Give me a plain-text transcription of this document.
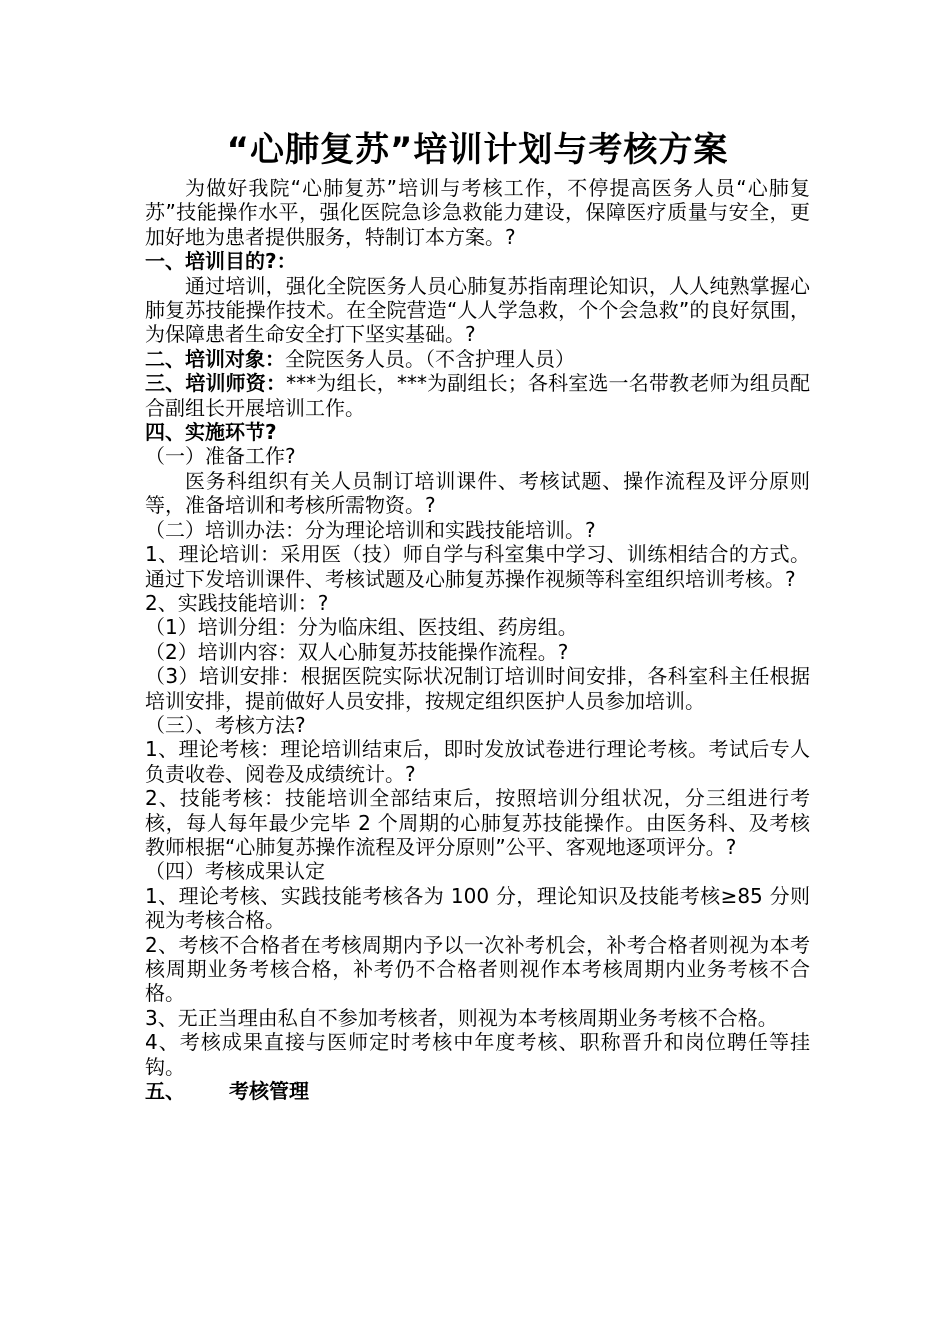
“心肺复苏”培训计划与考核方案

为做好我院“心肺复苏”培训与考核工作，不停提高医务人员“心肺复苏”技能操作水平，强化医院急诊急救能力建设，保障医疗质量与安全，更加好地为患者提供服务，特制订本方案。?

一、培训目的?：

通过培训，强化全院医务人员心肺复苏指南理论知识，人人纯熟掌握心肺复苏技能操作技术。在全院营造“人人学急救，个个会急救”的良好氛围，为保障患者生命安全打下坚实基础。?

二、培训对象：全院医务人员。（不含护理人员）

三、培训师资：***为组长，***为副组长；各科室选一名带教老师为组员配合副组长开展培训工作。

四、实施环节?

（一）准备工作?

医务科组织有关人员制订培训课件、考核试题、操作流程及评分原则等，准备培训和考核所需物资。?

（二）培训办法：分为理论培训和实践技能培训。?

1、理论培训：采用医（技）师自学与科室集中学习、训练相结合的方式。通过下发培训课件、考核试题及心肺复苏操作视频等科室组织培训考核。?

2、实践技能培训：?

（1）培训分组：分为临床组、医技组、药房组。

（2）培训内容：双人心肺复苏技能操作流程。?

（3）培训安排：根据医院实际状况制订培训时间安排，各科室科主任根据培训安排，提前做好人员安排，按规定组织医护人员参加培训。

（三）、考核方法?

1、理论考核：理论培训结束后，即时发放试卷进行理论考核。考试后专人负责收卷、阅卷及成绩统计。?

2、技能考核：技能培训全部结束后，按照培训分组状况，分三组进行考核，每人每年最少完毕 2 个周期的心肺复苏技能操作。由医务科、及考核教师根据“心肺复苏操作流程及评分原则”公平、客观地逐项评分。?

（四）考核成果认定

1、理论考核、实践技能考核各为 100 分，理论知识及技能考核≥85 分则视为考核合格。

2、考核不合格者在考核周期内予以一次补考机会，补考合格者则视为本考核周期业务考核合格，补考仍不合格者则视作本考核周期内业务考核不合格。

3、无正当理由私自不参加考核者，则视为本考核周期业务考核不合格。

4、考核成果直接与医师定时考核中年度考核、职称晋升和岗位聘任等挂钩。

五、 考核管理
